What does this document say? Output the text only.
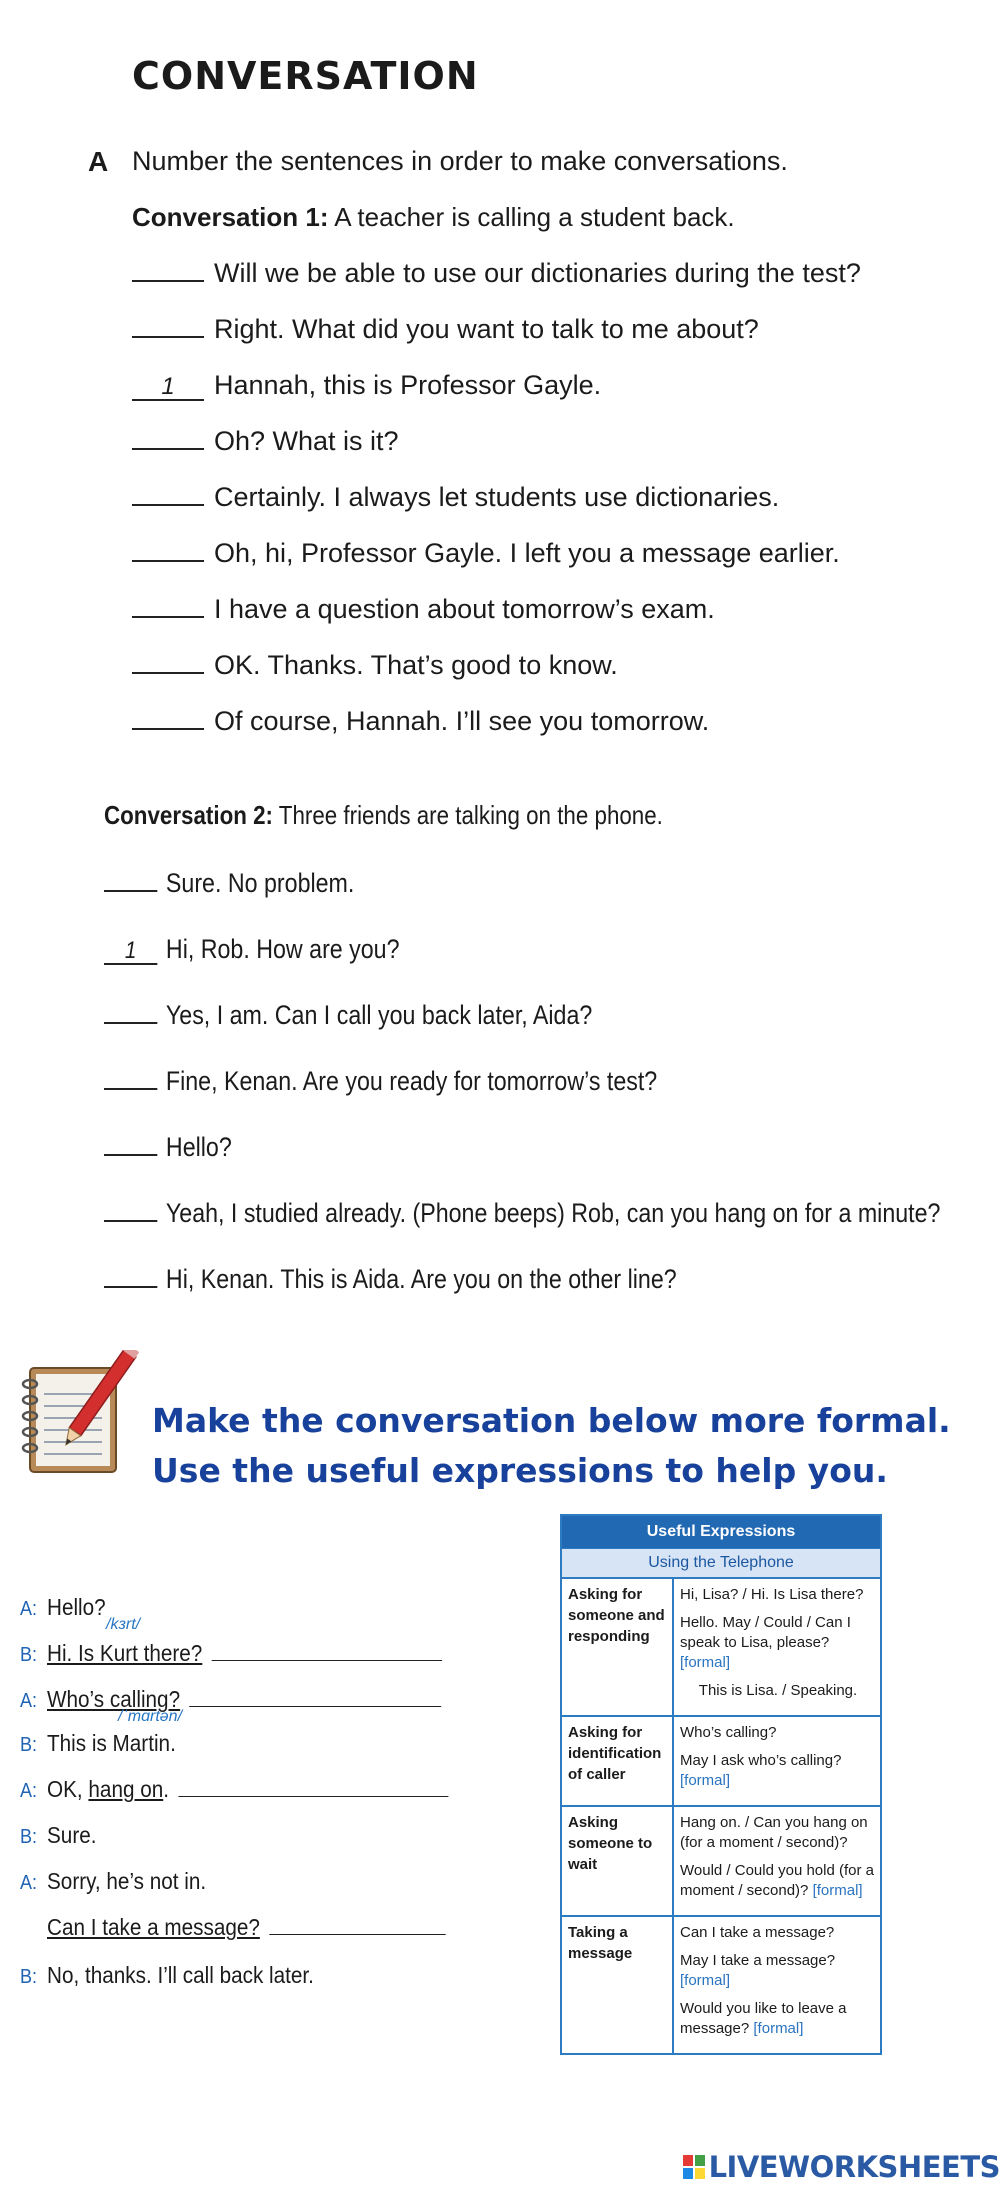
CONVERSATION
A Number the sentences in order to make conversations.
Conversation 1: A teacher is calling a student back.
Will we be able to use our dictionaries during the test?
Right. What did you want to talk to me about?
1 Hannah, this is Professor Gayle.
Oh? What is it?
Certainly. I always let students use dictionaries.
Oh, hi, Professor Gayle. I left you a message earlier.
I have a question about tomorrow’s exam.
OK. Thanks. That’s good to know.
Of course, Hannah. I’ll see you tomorrow.
Conversation 2: Three friends are talking on the phone.
Sure. No problem.
1 Hi, Rob. How are you?
Yes, I am. Can I call you back later, Aida?
Fine, Kenan. Are you ready for tomorrow’s test?
Hello?
Yeah, I studied already. (Phone beeps) Rob, can you hang on for a minute?
Hi, Kenan. This is Aida. Are you on the other line?
Make the conversation below more formal.
Use the useful expressions to help you.
A: Hello?
/kɜrt/
B: Hi. Is Kurt there?
A: Who’s calling?
/ˈmɑrtən/
B: This is Martin.
A: OK, hang on.
B: Sure.
A: Sorry, he’s not in.
Can I take a message?
B: No, thanks. I’ll call back later.
Useful Expressions
Using the Telephone
Asking for someone and responding
Hi, Lisa? / Hi. Is Lisa there?
Hello. May / Could / Can I speak to Lisa, please? [formal]
This is Lisa. / Speaking.
Asking for identification of caller
Who’s calling?
May I ask who’s calling? [formal]
Asking someone to wait
Hang on. / Can you hang on (for a moment / second)?
Would / Could you hold (for a moment / second)? [formal]
Taking a message
Can I take a message?
May I take a message? [formal]
Would you like to leave a message? [formal]
LIVEWORKSHEETS
